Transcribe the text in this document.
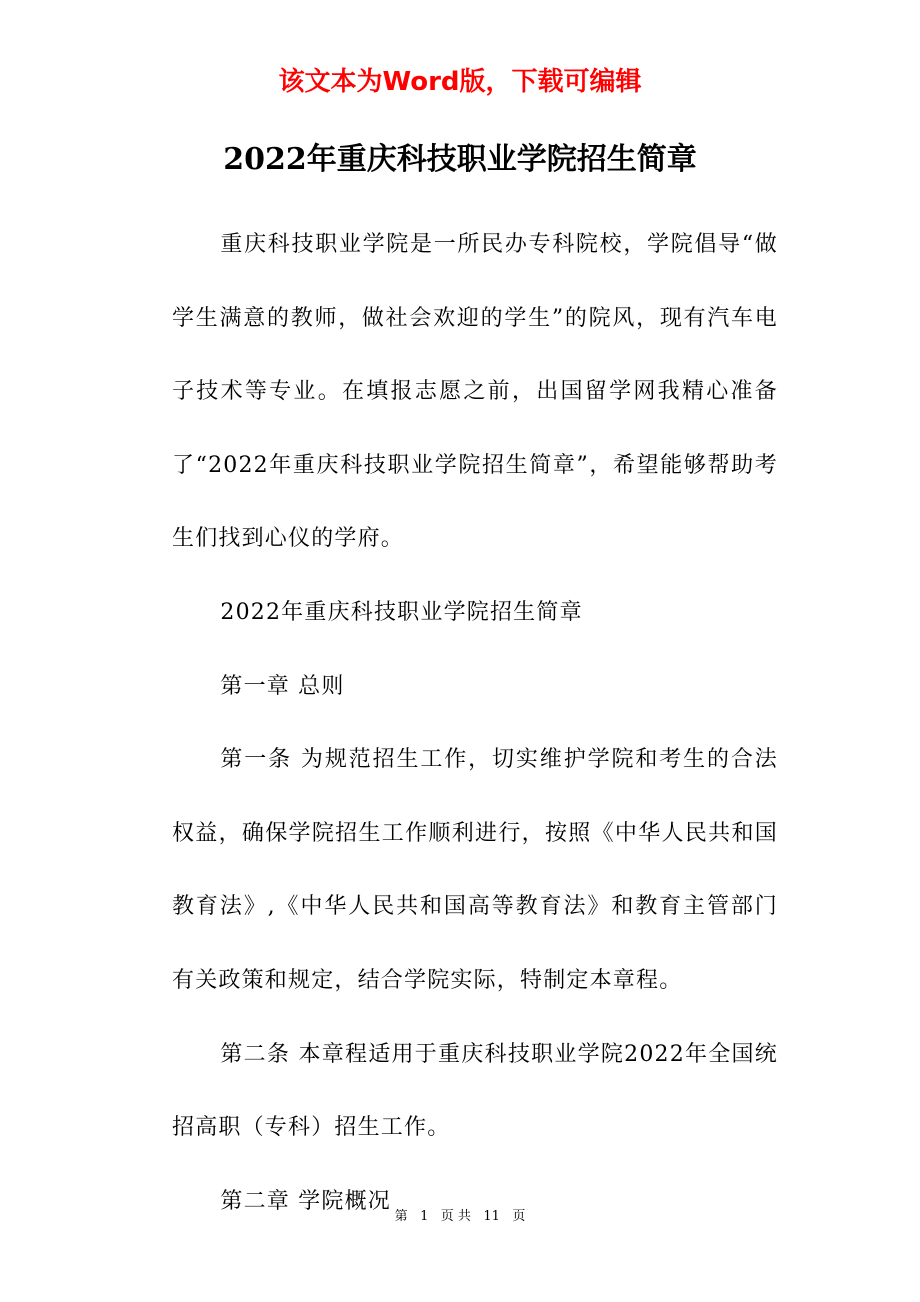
该文本为Word版，下载可编辑
2022年重庆科技职业学院招生简章

重庆科技职业学院是一所民办专科院校，学院倡导“做学生满意的教师，做社会欢迎的学生”的院风，现有汽车电子技术等专业。在填报志愿之前，出国留学网我精心准备了“2022年重庆科技职业学院招生简章”，希望能够帮助考生们找到心仪的学府。

2022年重庆科技职业学院招生简章

第一章 总则

第一条 为规范招生工作，切实维护学院和考生的合法权益，确保学院招生工作顺利进行，按照《中华人民共和国教育法》,《中华人民共和国高等教育法》和教育主管部门有关政策和规定，结合学院实际，特制定本章程。

第二条 本章程适用于重庆科技职业学院2022年全国统招高职（专科）招生工作。

第二章 学院概况

第 1 页 共 11 页
